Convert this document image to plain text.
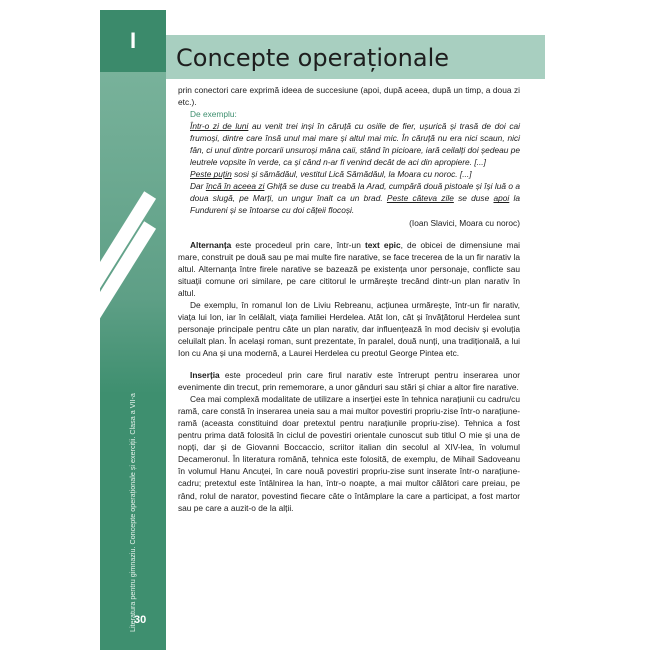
I
Literatura pentru gimnaziu. Concepte operaționale și exerciții. Clasa a VII-a
30
Concepte operaționale

prin conectori care exprimă ideea de succesiune (apoi, după aceea, după un timp, a doua zi etc.).

De exemplu:

Într-o zi de luni au venit trei inși în căruță cu osiile de fier, ușurică și trasă de doi cai frumoși, dintre care însă unul mai mare și altul mai mic. În căruță nu era nici scaun, nici fân, ci unul dintre porcarii unsuroși mâna caii, stând în picioare, iară ceilalți doi ședeau pe leutrele vopsite în verde, ca și când n-ar fi venind decât de aci din apropiere. [...]

Peste puțin sosi și sămădăul, vestitul Lică Sămădăul, la Moara cu noroc. [...]

Dar încă în aceea zi Ghiță se duse cu treabă la Arad, cumpără două pistoale și își luă o a doua slugă, pe Marți, un ungur înalt ca un brad. Peste câteva zile se duse apoi la Fundureni și se întoarse cu doi cățeii flocoși.

(Ioan Slavici, Moara cu noroc)

Alternanța este procedeul prin care, într-un text epic, de obicei de dimensiune mai mare, construit pe două sau pe mai multe fire narative, se face trecerea de la un fir narativ la altul. Alternanța între firele narative se bazează pe existența unor personaje, conflicte sau situații comune ori similare, pe care cititorul le urmărește trecând dintr-un plan narativ în altul.

De exemplu, în romanul Ion de Liviu Rebreanu, acțiunea urmărește, într-un fir narativ, viața lui Ion, iar în celălalt, viața familiei Herdelea. Atât Ion, cât și învățătorul Herdelea sunt personaje principale pentru câte un plan narativ, dar influențează în mod decisiv și evoluția celuilalt plan. În același roman, sunt prezentate, în paralel, două nunți, una tradițională, a lui Ion cu Ana și una modernă, a Laurei Herdelea cu preotul George Pintea etc.

Inserția este procedeul prin care firul narativ este întrerupt pentru inserarea unor evenimente din trecut, prin rememorare, a unor gânduri sau stări și chiar a altor fire narative.

Cea mai complexă modalitate de utilizare a inserției este în tehnica narațiunii cu cadru/cu ramă, care constă în inserarea uneia sau a mai multor povestiri propriu-zise într-o narațiune-ramă (aceasta constituind doar pretextul pentru narațiunile propriu-zise). Tehnica a fost pentru prima dată folosită în ciclul de povestiri orientale cunoscut sub titlul O mie și una de nopți, dar și de Giovanni Boccaccio, scriitor italian din secolul al XIV-lea, în volumul Decameronul. În literatura română, tehnica este folosită, de exemplu, de Mihail Sadoveanu în volumul Hanu Ancuței, în care nouă povestiri propriu-zise sunt inserate într-o narațiune-cadru; pretextul este întâlnirea la han, într-o noapte, a mai multor călători care preiau, pe rând, rolul de narator, povestind fiecare câte o întâmplare la care a participat, a fost martor sau pe care a auzit-o de la alții.
